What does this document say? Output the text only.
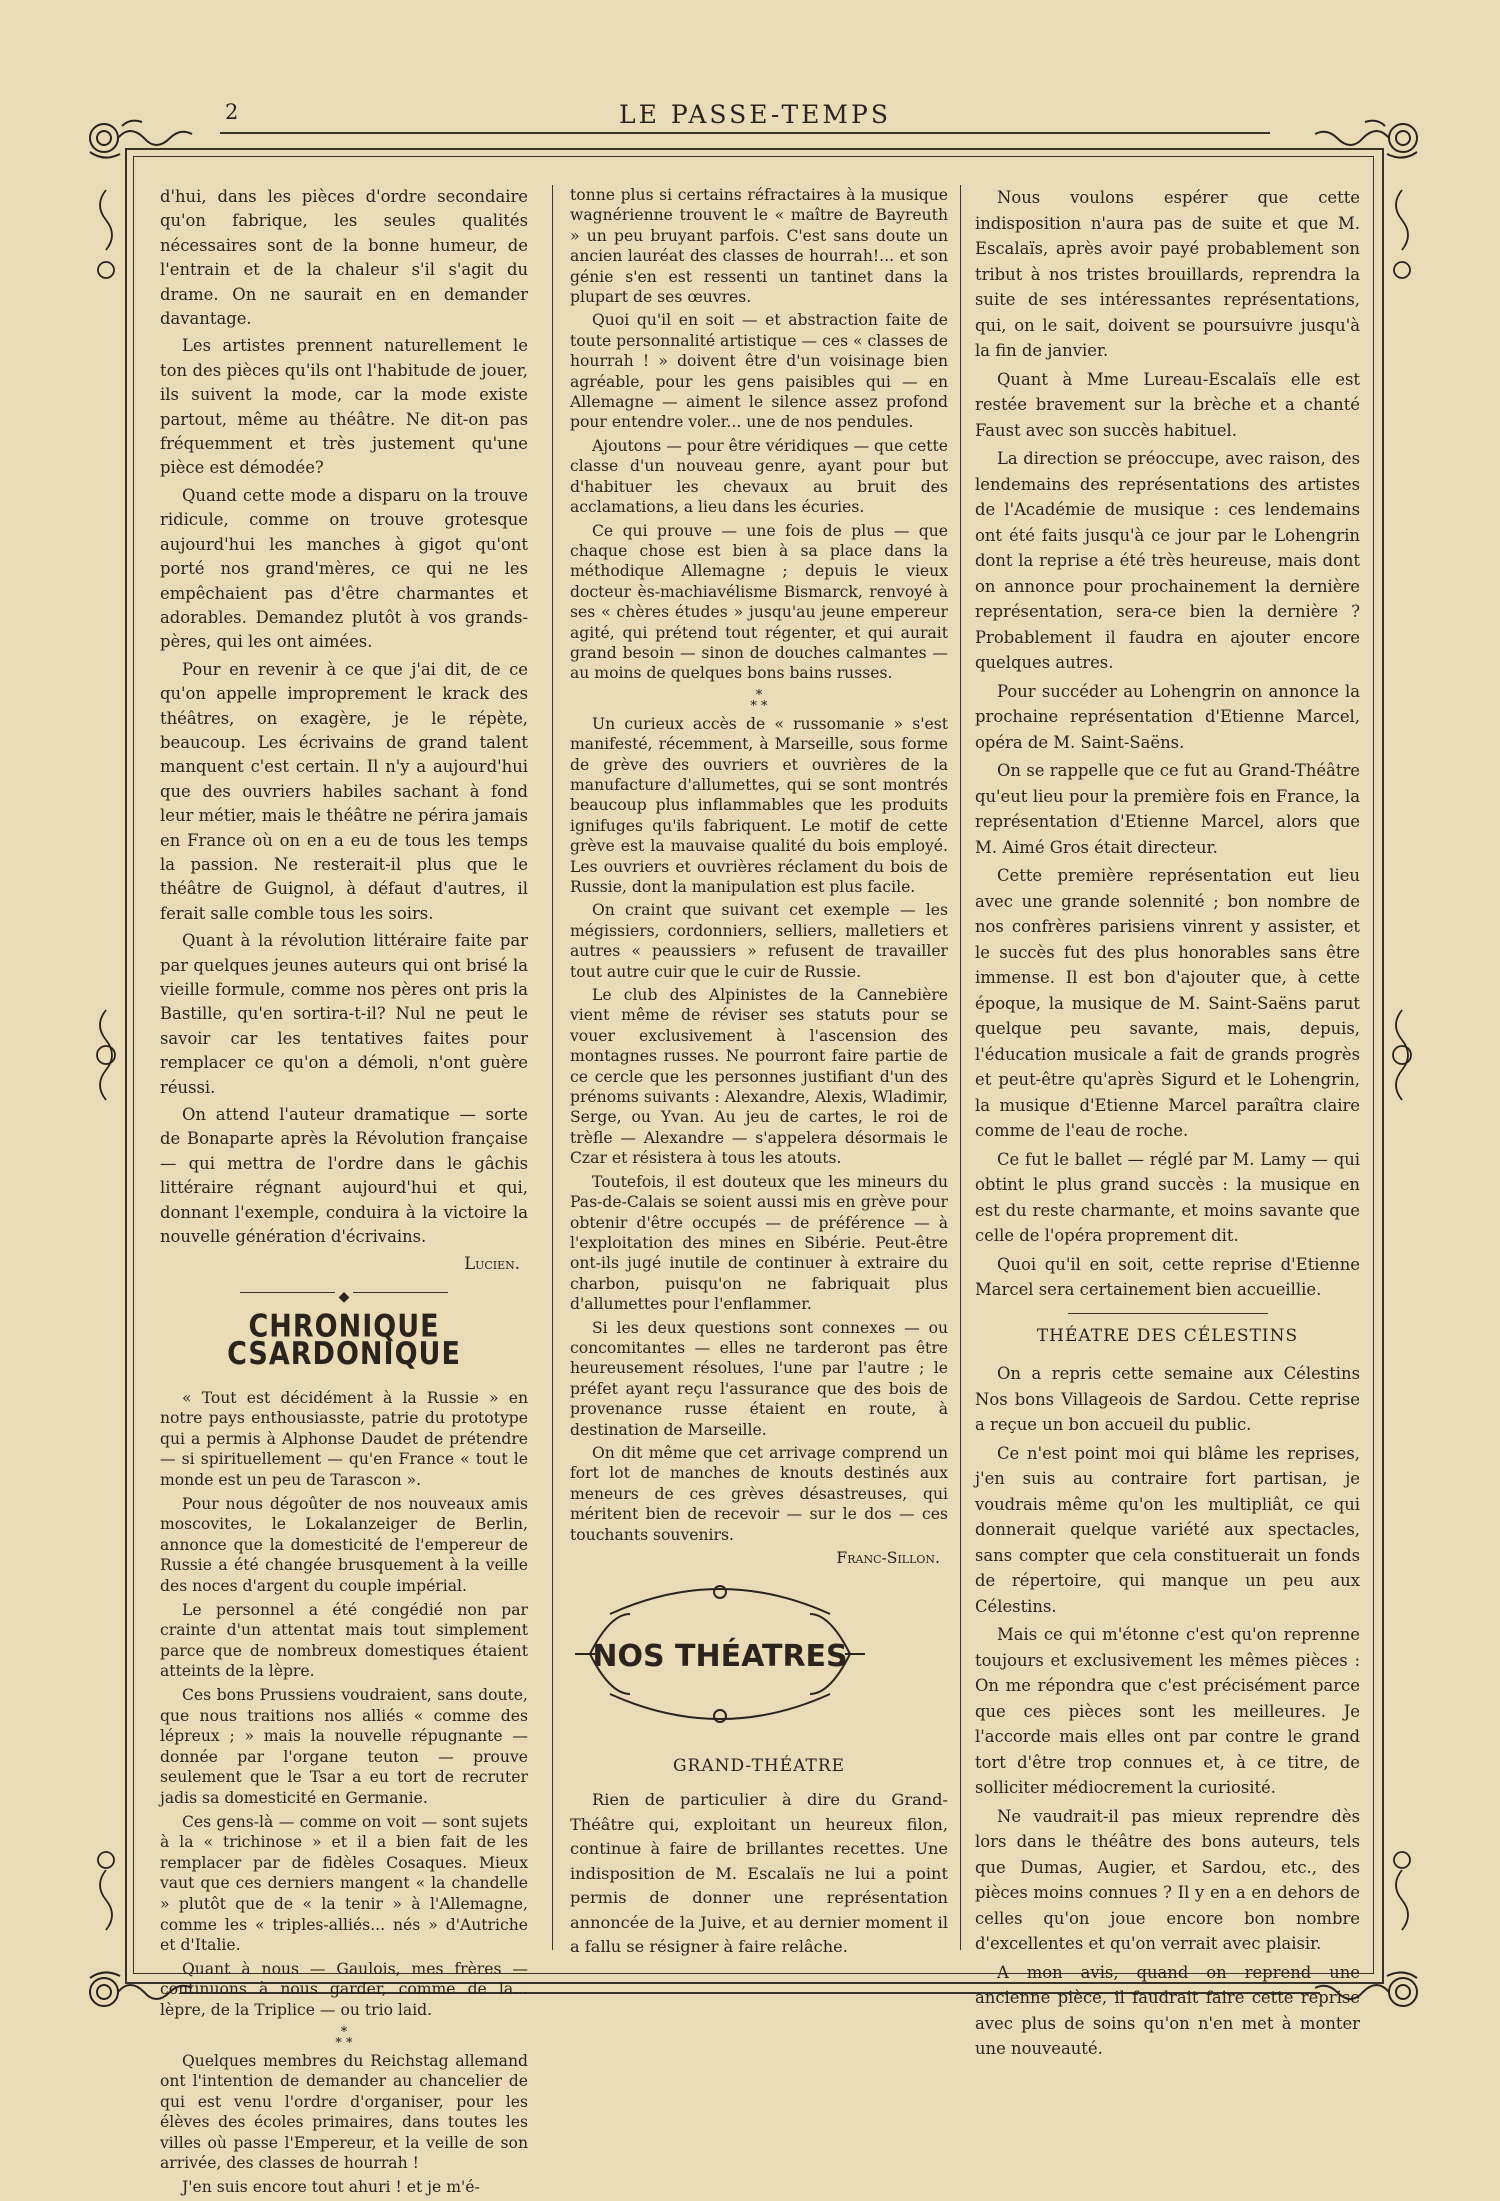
2	LE PASSE-TEMPS

d'hui, dans les pièces d'ordre secondaire qu'on fabrique, les seules qualités nécessaires sont de la bonne humeur, de l'entrain et de la chaleur s'il s'agit du drame. On ne saurait en en demander davantage.

Les artistes prennent naturellement le ton des pièces qu'ils ont l'habitude de jouer, ils suivent la mode, car la mode existe partout, même au théâtre. Ne dit-on pas fréquemment et très justement qu'une pièce est démodée?

Quand cette mode a disparu on la trouve ridicule, comme on trouve grotesque aujourd'hui les manches à gigot qu'ont porté nos grand'mères, ce qui ne les empêchaient pas d'être charmantes et adorables. Demandez plutôt à vos grands-pères, qui les ont aimées.

Pour en revenir à ce que j'ai dit, de ce qu'on appelle improprement le krack des théâtres, on exagère, je le répète, beaucoup. Les écrivains de grand talent manquent c'est certain. Il n'y a aujourd'hui que des ouvriers habiles sachant à fond leur métier, mais le théâtre ne périra jamais en France où on en a eu de tous les temps la passion. Ne resterait-il plus que le théâtre de Guignol, à défaut d'autres, il ferait salle comble tous les soirs.

Quant à la révolution littéraire faite par par quelques jeunes auteurs qui ont brisé la vieille formule, comme nos pères ont pris la Bastille, qu'en sortira-t-il? Nul ne peut le savoir car les tentatives faites pour remplacer ce qu'on a démoli, n'ont guère réussi.

On attend l'auteur dramatique — sorte de Bonaparte après la Révolution française — qui mettra de l'ordre dans le gâchis littéraire régnant aujourd'hui et qui, donnant l'exemple, conduira à la victoire la nouvelle génération d'écrivains.

Lucien.
◆
CHRONIQUE CSARDONIQUE

« Tout est décidément à la Russie » en notre pays enthousiasste, patrie du prototype qui a permis à Alphonse Daudet de prétendre — si spirituellement — qu'en France « tout le monde est un peu de Tarascon ».

Pour nous dégoûter de nos nouveaux amis moscovites, le Lokalanzeiger de Berlin, annonce que la domesticité de l'empereur de Russie a été changée brusquement à la veille des noces d'argent du couple impérial.

Le personnel a été congédié non par crainte d'un attentat mais tout simplement parce que de nombreux domestiques étaient atteints de la lèpre.

Ces bons Prussiens voudraient, sans doute, que nous traitions nos alliés « comme des lépreux ; » mais la nouvelle répugnante — donnée par l'organe teuton — prouve seulement que le Tsar a eu tort de recruter jadis sa domesticité en Germanie.

Ces gens-là — comme on voit — sont sujets à la « trichinose » et il a bien fait de les remplacer par de fidèles Cosaques. Mieux vaut que ces derniers mangent « la chandelle » plutôt que de « la tenir » à l'Allemagne, comme les « triples-alliés... nés » d'Autriche et d'Italie.

Quant à nous — Gaulois, mes frères — continuons à nous garder, comme de la... lèpre, de la Triplice — ou trio laid.

*
* *

Quelques membres du Reichstag allemand ont l'intention de demander au chancelier de qui est venu l'ordre d'organiser, pour les élèves des écoles primaires, dans toutes les villes où passe l'Empereur, et la veille de son arrivée, des classes de hourrah !

J'en suis encore tout ahuri ! et je m'é-

tonne plus si certains réfractaires à la musique wagnérienne trouvent le « maître de Bayreuth » un peu bruyant parfois. C'est sans doute un ancien lauréat des classes de hourrah!... et son génie s'en est ressenti un tantinet dans la plupart de ses œuvres.

Quoi qu'il en soit — et abstraction faite de toute personnalité artistique — ces « classes de hourrah ! » doivent être d'un voisinage bien agréable, pour les gens paisibles qui — en Allemagne — aiment le silence assez profond pour entendre voler... une de nos pendules.

Ajoutons — pour être véridiques — que cette classe d'un nouveau genre, ayant pour but d'habituer les chevaux au bruit des acclamations, a lieu dans les écuries.

Ce qui prouve — une fois de plus — que chaque chose est bien à sa place dans la méthodique Allemagne ; depuis le vieux docteur ès-machiavélisme Bismarck, renvoyé à ses « chères études » jusqu'au jeune empereur agité, qui prétend tout régenter, et qui aurait grand besoin — sinon de douches calmantes — au moins de quelques bons bains russes.

*
* *

Un curieux accès de « russomanie » s'est manifesté, récemment, à Marseille, sous forme de grève des ouvriers et ouvrières de la manufacture d'allumettes, qui se sont montrés beaucoup plus inflammables que les produits ignifuges qu'ils fabriquent. Le motif de cette grève est la mauvaise qualité du bois employé. Les ouvriers et ouvrières réclament du bois de Russie, dont la manipulation est plus facile.

On craint que suivant cet exemple — les mégissiers, cordonniers, selliers, malletiers et autres « peaussiers » refusent de travailler tout autre cuir que le cuir de Russie.

Le club des Alpinistes de la Cannebière vient même de réviser ses statuts pour se vouer exclusivement à l'ascension des montagnes russes. Ne pourront faire partie de ce cercle que les personnes justifiant d'un des prénoms suivants : Alexandre, Alexis, Wladimir, Serge, ou Yvan. Au jeu de cartes, le roi de trèfle — Alexandre — s'appelera désormais le Czar et résistera à tous les atouts.

Toutefois, il est douteux que les mineurs du Pas-de-Calais se soient aussi mis en grève pour obtenir d'être occupés — de préférence — à l'exploitation des mines en Sibérie. Peut-être ont-ils jugé inutile de continuer à extraire du charbon, puisqu'on ne fabriquait plus d'allumettes pour l'enflammer.

Si les deux questions sont connexes — ou concomitantes — elles ne tarderont pas être heureusement résolues, l'une par l'autre ; le préfet ayant reçu l'assurance que des bois de provenance russe étaient en route, à destination de Marseille.

On dit même que cet arrivage comprend un fort lot de manches de knouts destinés aux meneurs de ces grèves désastreuses, qui méritent bien de recevoir — sur le dos — ces touchants souvenirs.

Franc-Sillon.
NOS THÉATRES
GRAND-THÉATRE

Rien de particulier à dire du Grand-Théâtre qui, exploitant un heureux filon, continue à faire de brillantes recettes. Une indisposition de M. Escalaïs ne lui a point permis de donner une représentation annoncée de la Juive, et au dernier moment il a fallu se résigner à faire relâche.

Nous voulons espérer que cette indisposition n'aura pas de suite et que M. Escalaïs, après avoir payé probablement son tribut à nos tristes brouillards, reprendra la suite de ses intéressantes représentations, qui, on le sait, doivent se poursuivre jusqu'à la fin de janvier.

Quant à Mme Lureau-Escalaïs elle est restée bravement sur la brèche et a chanté Faust avec son succès habituel.

La direction se préoccupe, avec raison, des lendemains des représentations des artistes de l'Académie de musique : ces lendemains ont été faits jusqu'à ce jour par le Lohengrin dont la reprise a été très heureuse, mais dont on annonce pour prochainement la dernière représentation, sera-ce bien la dernière ? Probablement il faudra en ajouter encore quelques autres.

Pour succéder au Lohengrin on annonce la prochaine représentation d'Etienne Marcel, opéra de M. Saint-Saëns.

On se rappelle que ce fut au Grand-Théâtre qu'eut lieu pour la première fois en France, la représentation d'Etienne Marcel, alors que M. Aimé Gros était directeur.

Cette première représentation eut lieu avec une grande solennité ; bon nombre de nos confrères parisiens vinrent y assister, et le succès fut des plus honorables sans être immense. Il est bon d'ajouter que, à cette époque, la musique de M. Saint-Saëns parut quelque peu savante, mais, depuis, l'éducation musicale a fait de grands progrès et peut-être qu'après Sigurd et le Lohengrin, la musique d'Etienne Marcel paraîtra claire comme de l'eau de roche.

Ce fut le ballet — réglé par M. Lamy — qui obtint le plus grand succès : la musique en est du reste charmante, et moins savante que celle de l'opéra proprement dit.

Quoi qu'il en soit, cette reprise d'Etienne Marcel sera certainement bien accueillie.

THÉATRE DES CÉLESTINS

On a repris cette semaine aux Célestins Nos bons Villageois de Sardou. Cette reprise a reçue un bon accueil du public.

Ce n'est point moi qui blâme les reprises, j'en suis au contraire fort partisan, je voudrais même qu'on les multipliât, ce qui donnerait quelque variété aux spectacles, sans compter que cela constituerait un fonds de répertoire, qui manque un peu aux Célestins.

Mais ce qui m'étonne c'est qu'on reprenne toujours et exclusivement les mêmes pièces : On me répondra que c'est précisément parce que ces pièces sont les meilleures. Je l'accorde mais elles ont par contre le grand tort d'être trop connues et, à ce titre, de solliciter médiocrement la curiosité.

Ne vaudrait-il pas mieux reprendre dès lors dans le théâtre des bons auteurs, tels que Dumas, Augier, et Sardou, etc., des pièces moins connues ? Il y en a en dehors de celles qu'on joue encore bon nombre d'excellentes et qu'on verrait avec plaisir.

A mon avis, quand on reprend une ancienne pièce, il faudrait faire cette reprise avec plus de soins qu'on n'en met à monter une nouveauté.
